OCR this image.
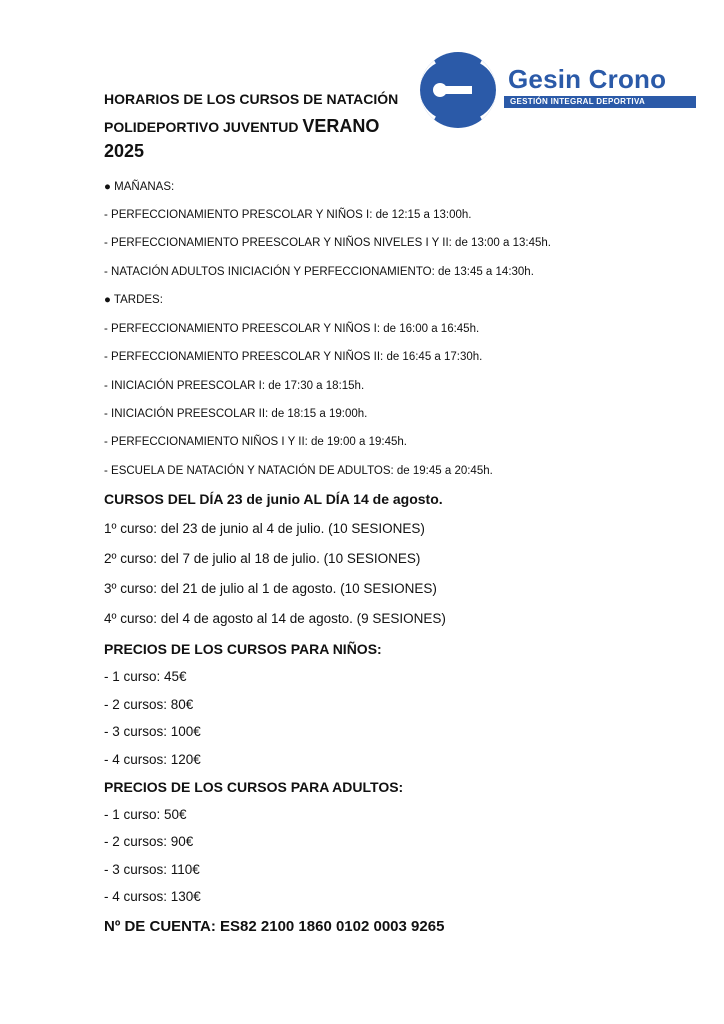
HORARIOS DE LOS CURSOS DE NATACIÓN
POLIDEPORTIVO JUVENTUD VERANO
2025
Gesin Crono
GESTIÓN INTEGRAL DEPORTIVA
● MAÑANAS:
- PERFECCIONAMIENTO PRESCOLAR Y NIÑOS I: de 12:15 a 13:00h.
- PERFECCIONAMIENTO PREESCOLAR Y NIÑOS NIVELES I Y II: de 13:00 a 13:45h.
- NATACIÓN ADULTOS INICIACIÓN Y PERFECCIONAMIENTO: de 13:45 a 14:30h.
● TARDES:
- PERFECCIONAMIENTO PREESCOLAR Y NIÑOS I: de 16:00 a 16:45h.
- PERFECCIONAMIENTO PREESCOLAR Y NIÑOS II: de 16:45 a 17:30h.
- INICIACIÓN PREESCOLAR I: de 17:30 a 18:15h.
- INICIACIÓN PREESCOLAR II: de 18:15 a 19:00h.
- PERFECCIONAMIENTO NIÑOS I Y II: de 19:00 a 19:45h.
- ESCUELA DE NATACIÓN Y NATACIÓN DE ADULTOS: de 19:45 a 20:45h.
CURSOS DEL DÍA 23 de junio AL DÍA 14 de agosto.
1º curso: del 23 de junio al 4 de julio. (10 SESIONES)
2º curso: del 7 de julio al 18 de julio. (10 SESIONES)
3º curso: del 21 de julio al 1 de agosto. (10 SESIONES)
4º curso: del 4 de agosto al 14 de agosto. (9 SESIONES)
PRECIOS DE LOS CURSOS PARA NIÑOS:
- 1 curso: 45€
- 2 cursos: 80€
- 3 cursos: 100€
- 4 cursos: 120€
PRECIOS DE LOS CURSOS PARA ADULTOS:
- 1 curso: 50€
- 2 cursos: 90€
- 3 cursos: 110€
- 4 cursos: 130€
Nº DE CUENTA: ES82 2100 1860 0102 0003 9265
